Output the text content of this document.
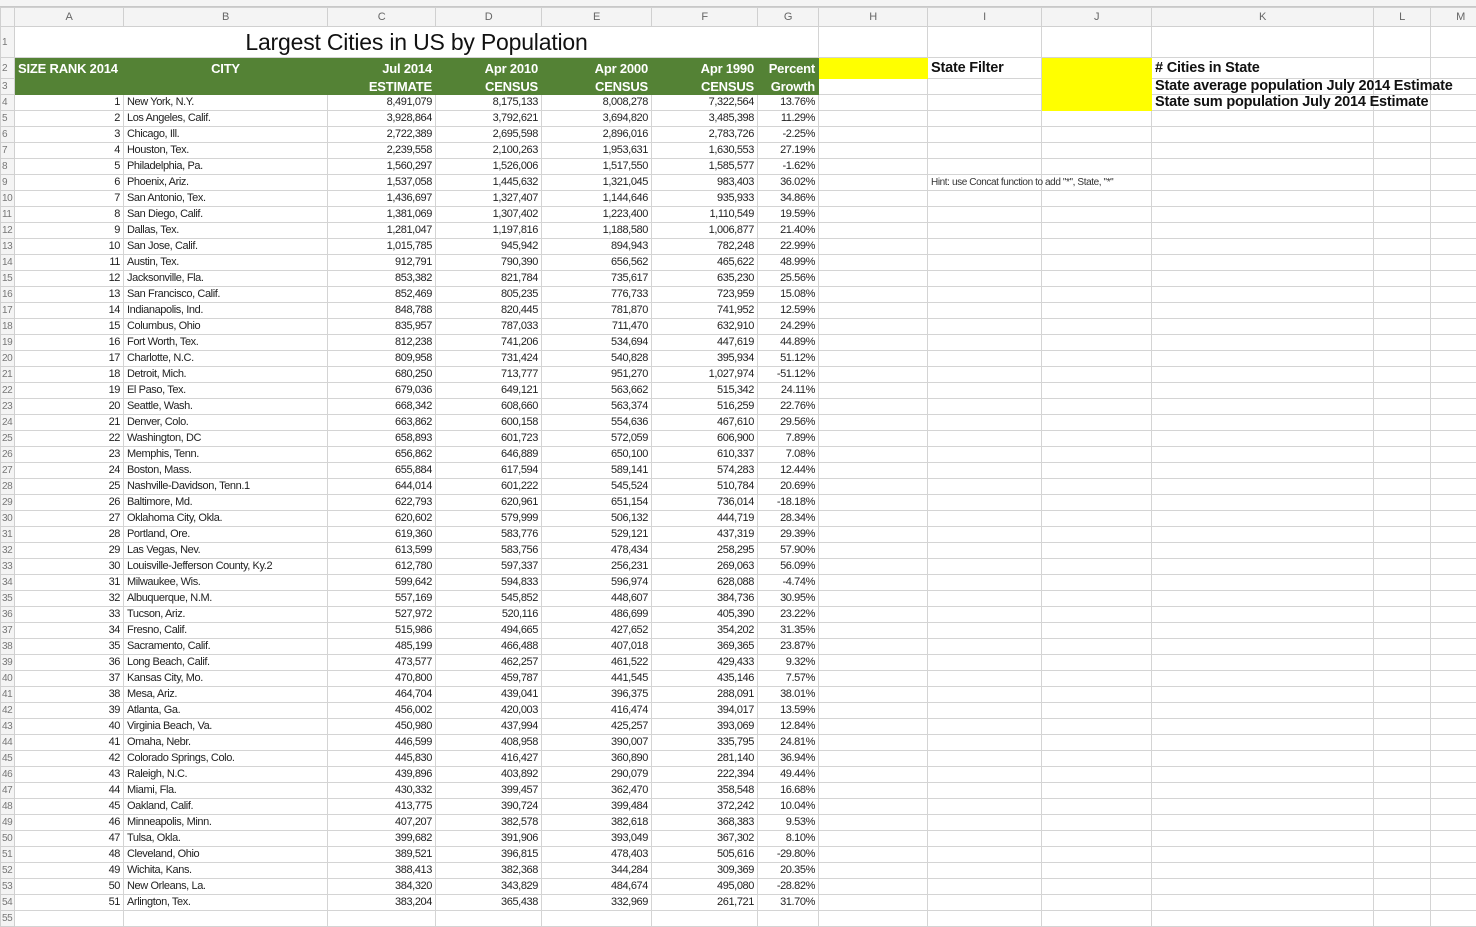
	A	B	C	D	E	F	G	H	I	J	K	L	M
1	Largest Cities in US by Population												
2	SIZE RANK 2014	CITY	Jul 2014	Apr 2010	Apr 2000	Apr 1990	Percent		State Filter		# Cities in State		
3			ESTIMATE	CENSUS	CENSUS	CENSUS	Growth				State average population July 2014 Estimate		
4	1	New York, N.Y.	8,491,079	8,175,133	8,008,278	7,322,564	13.76%				State sum population July 2014 Estimate		
5	2	Los Angeles, Calif.	3,928,864	3,792,621	3,694,820	3,485,398	11.29%						
6	3	Chicago, Ill.	2,722,389	2,695,598	2,896,016	2,783,726	-2.25%						
7	4	Houston, Tex.	2,239,558	2,100,263	1,953,631	1,630,553	27.19%						
8	5	Philadelphia, Pa.	1,560,297	1,526,006	1,517,550	1,585,577	-1.62%						
9	6	Phoenix, Ariz.	1,537,058	1,445,632	1,321,045	983,403	36.02%		Hint: use Concat function to add "*", State, "*"				
10	7	San Antonio, Tex.	1,436,697	1,327,407	1,144,646	935,933	34.86%						
11	8	San Diego, Calif.	1,381,069	1,307,402	1,223,400	1,110,549	19.59%						
12	9	Dallas, Tex.	1,281,047	1,197,816	1,188,580	1,006,877	21.40%						
13	10	San Jose, Calif.	1,015,785	945,942	894,943	782,248	22.99%						
14	11	Austin, Tex.	912,791	790,390	656,562	465,622	48.99%						
15	12	Jacksonville, Fla.	853,382	821,784	735,617	635,230	25.56%						
16	13	San Francisco, Calif.	852,469	805,235	776,733	723,959	15.08%						
17	14	Indianapolis, Ind.	848,788	820,445	781,870	741,952	12.59%						
18	15	Columbus, Ohio	835,957	787,033	711,470	632,910	24.29%						
19	16	Fort Worth, Tex.	812,238	741,206	534,694	447,619	44.89%						
20	17	Charlotte, N.C.	809,958	731,424	540,828	395,934	51.12%						
21	18	Detroit, Mich.	680,250	713,777	951,270	1,027,974	-51.12%						
22	19	El Paso, Tex.	679,036	649,121	563,662	515,342	24.11%						
23	20	Seattle, Wash.	668,342	608,660	563,374	516,259	22.76%						
24	21	Denver, Colo.	663,862	600,158	554,636	467,610	29.56%						
25	22	Washington, DC	658,893	601,723	572,059	606,900	7.89%						
26	23	Memphis, Tenn.	656,862	646,889	650,100	610,337	7.08%						
27	24	Boston, Mass.	655,884	617,594	589,141	574,283	12.44%						
28	25	Nashville-Davidson, Tenn.1	644,014	601,222	545,524	510,784	20.69%						
29	26	Baltimore, Md.	622,793	620,961	651,154	736,014	-18.18%						
30	27	Oklahoma City, Okla.	620,602	579,999	506,132	444,719	28.34%						
31	28	Portland, Ore.	619,360	583,776	529,121	437,319	29.39%						
32	29	Las Vegas, Nev.	613,599	583,756	478,434	258,295	57.90%						
33	30	Louisville-Jefferson County, Ky.2	612,780	597,337	256,231	269,063	56.09%						
34	31	Milwaukee, Wis.	599,642	594,833	596,974	628,088	-4.74%						
35	32	Albuquerque, N.M.	557,169	545,852	448,607	384,736	30.95%						
36	33	Tucson, Ariz.	527,972	520,116	486,699	405,390	23.22%						
37	34	Fresno, Calif.	515,986	494,665	427,652	354,202	31.35%						
38	35	Sacramento, Calif.	485,199	466,488	407,018	369,365	23.87%						
39	36	Long Beach, Calif.	473,577	462,257	461,522	429,433	9.32%						
40	37	Kansas City, Mo.	470,800	459,787	441,545	435,146	7.57%						
41	38	Mesa, Ariz.	464,704	439,041	396,375	288,091	38.01%						
42	39	Atlanta, Ga.	456,002	420,003	416,474	394,017	13.59%						
43	40	Virginia Beach, Va.	450,980	437,994	425,257	393,069	12.84%						
44	41	Omaha, Nebr.	446,599	408,958	390,007	335,795	24.81%						
45	42	Colorado Springs, Colo.	445,830	416,427	360,890	281,140	36.94%						
46	43	Raleigh, N.C.	439,896	403,892	290,079	222,394	49.44%						
47	44	Miami, Fla.	430,332	399,457	362,470	358,548	16.68%						
48	45	Oakland, Calif.	413,775	390,724	399,484	372,242	10.04%						
49	46	Minneapolis, Minn.	407,207	382,578	382,618	368,383	9.53%						
50	47	Tulsa, Okla.	399,682	391,906	393,049	367,302	8.10%						
51	48	Cleveland, Ohio	389,521	396,815	478,403	505,616	-29.80%						
52	49	Wichita, Kans.	388,413	382,368	344,284	309,369	20.35%						
53	50	New Orleans, La.	384,320	343,829	484,674	495,080	-28.82%						
54	51	Arlington, Tex.	383,204	365,438	332,969	261,721	31.70%						
55													
